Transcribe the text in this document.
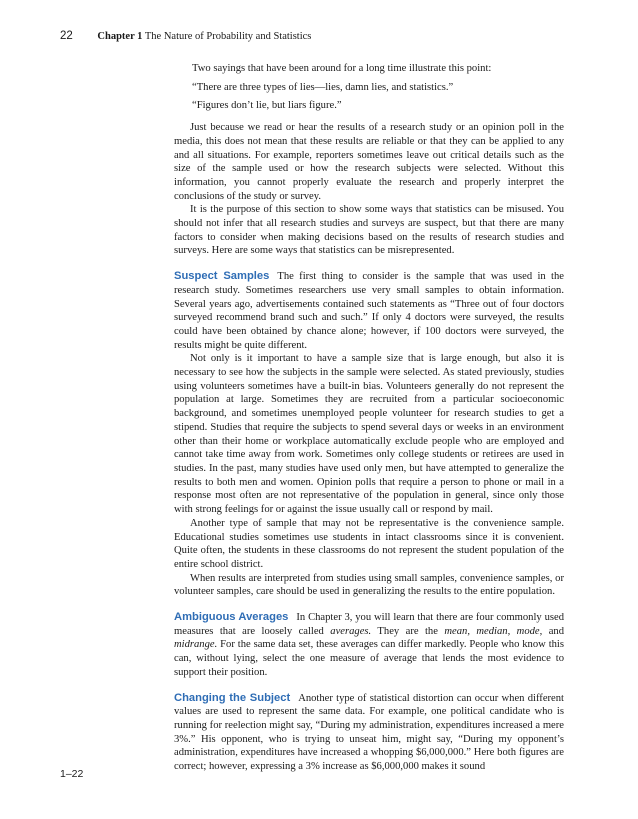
22 Chapter 1 The Nature of Probability and Statistics

Two sayings that have been around for a long time illustrate this point:

“There are three types of lies—lies, damn lies, and statistics.”

“Figures don’t lie, but liars figure.”

Just because we read or hear the results of a research study or an opinion poll in the media, this does not mean that these results are reliable or that they can be applied to any and all situations. For example, reporters sometimes leave out critical details such as the size of the sample used or how the research subjects were selected. Without this information, you cannot properly evaluate the research and properly interpret the conclusions of the study or survey.

It is the purpose of this section to show some ways that statistics can be misused. You should not infer that all research studies and surveys are suspect, but that there are many factors to consider when making decisions based on the results of research studies and surveys. Here are some ways that statistics can be misrepresented.

Suspect Samples The first thing to consider is the sample that was used in the research study. Sometimes researchers use very small samples to obtain information. Several years ago, advertisements contained such statements as “Three out of four doctors surveyed recommend brand such and such.” If only 4 doctors were surveyed, the results could have been obtained by chance alone; however, if 100 doctors were surveyed, the results might be quite different.

Not only is it important to have a sample size that is large enough, but also it is necessary to see how the subjects in the sample were selected. As stated previously, studies using volunteers sometimes have a built-in bias. Volunteers generally do not represent the population at large. Sometimes they are recruited from a particular socioeconomic background, and sometimes unemployed people volunteer for research studies to get a stipend. Studies that require the subjects to spend several days or weeks in an environment other than their home or workplace automatically exclude people who are employed and cannot take time away from work. Sometimes only college students or retirees are used in studies. In the past, many studies have used only men, but have attempted to generalize the results to both men and women. Opinion polls that require a person to phone or mail in a response most often are not representative of the population in general, since only those with strong feelings for or against the issue usually call or respond by mail.

Another type of sample that may not be representative is the convenience sample. Educational studies sometimes use students in intact classrooms since it is convenient. Quite often, the students in these classrooms do not represent the student population of the entire school district.

When results are interpreted from studies using small samples, convenience samples, or volunteer samples, care should be used in generalizing the results to the entire population.

Ambiguous Averages In Chapter 3, you will learn that there are four commonly used measures that are loosely called averages. They are the mean, median, mode, and midrange. For the same data set, these averages can differ markedly. People who know this can, without lying, select the one measure of average that lends the most evidence to support their position.

Changing the Subject Another type of statistical distortion can occur when different values are used to represent the same data. For example, one political candidate who is running for reelection might say, “During my administration, expenditures increased a mere 3%.” His opponent, who is trying to unseat him, might say, “During my opponent’s administration, expenditures have increased a whopping $6,000,000.” Here both figures are correct; however, expressing a 3% increase as $6,000,000 makes it sound

1–22
